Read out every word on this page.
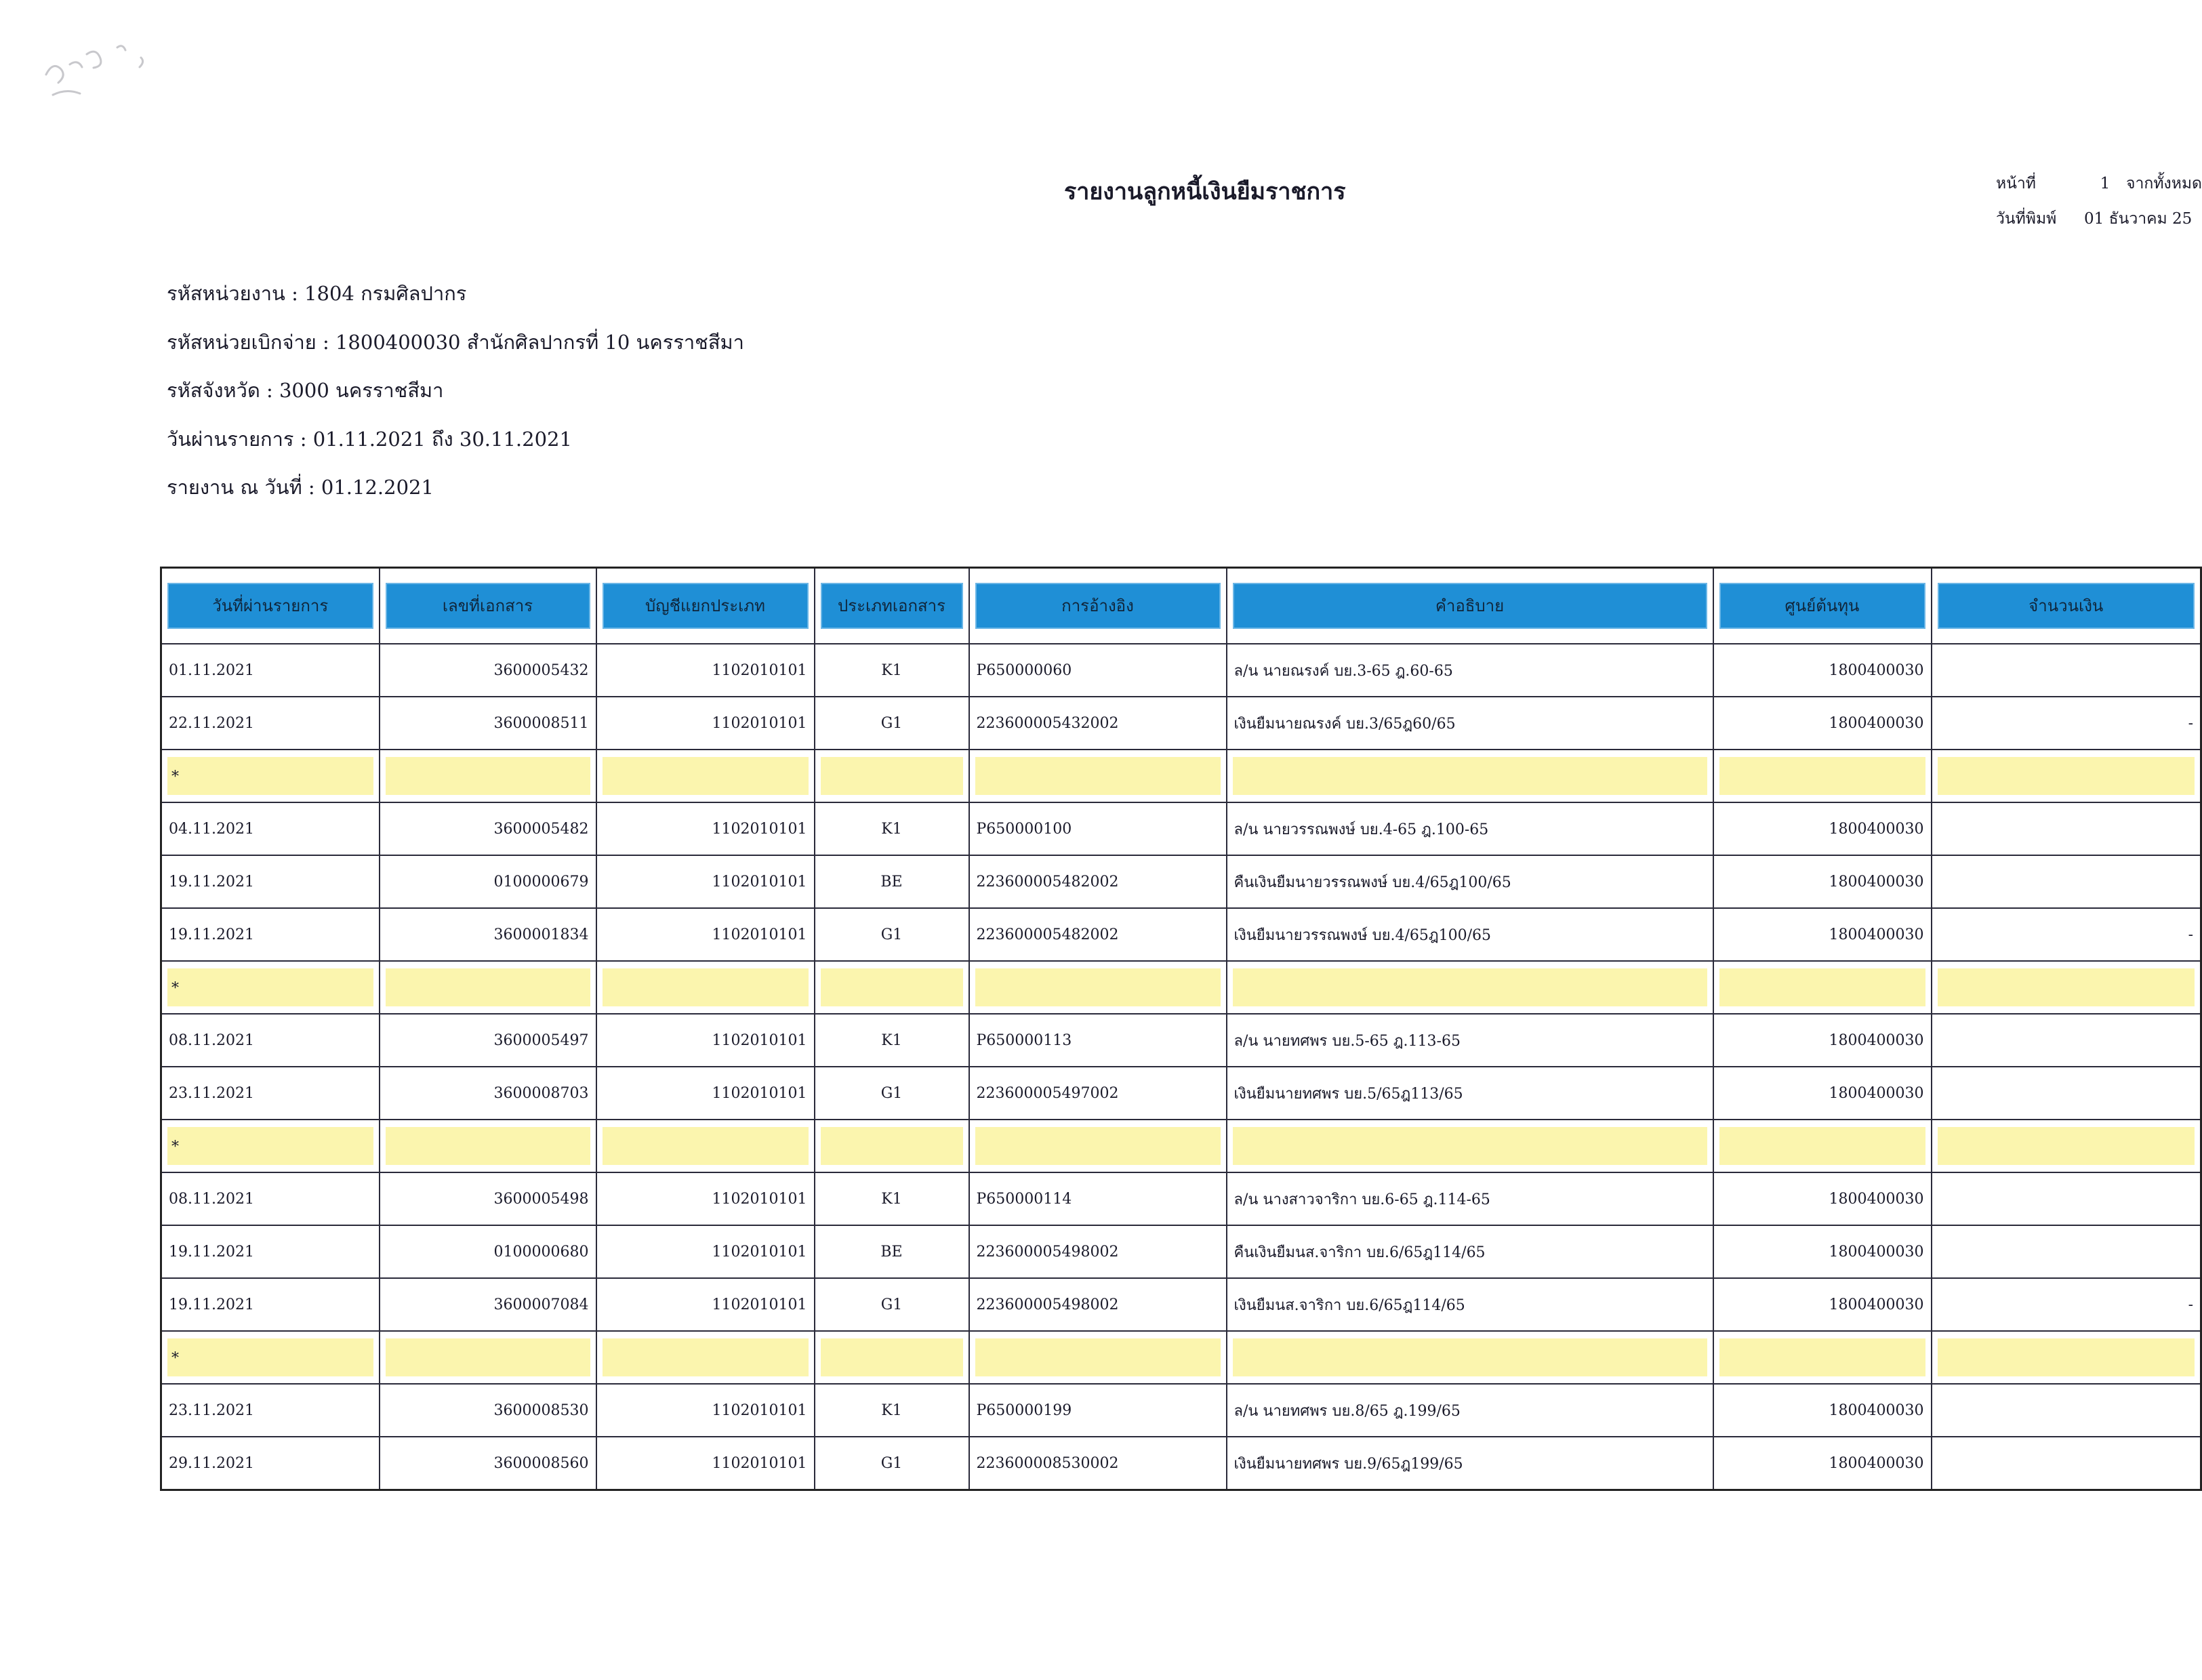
รายงานลูกหนี้เงินยืมราชการ	หน้าที่	1 จากทั้งหมด
วันที่พิมพ์ 01 ธันวาคม 25
รหัสหน่วยงาน : 1804 กรมศิลปากร
รหัสหน่วยเบิกจ่าย : 1800400030 สำนักศิลปากรที่ 10 นครราชสีมา
รหัสจังหวัด : 3000 นครราชสีมา
วันผ่านรายการ : 01.11.2021 ถึง 30.11.2021
รายงาน ณ วันที่ : 01.12.2021
วันที่ผ่านรายการ	เลขที่เอกสาร	บัญชีแยกประเภท	ประเภทเอกสาร	การอ้างอิง	คำอธิบาย	ศูนย์ต้นทุน	จำนวนเงิน

01.11.2021	3600005432	1102010101	K1	P650000060	ล/น นายณรงค์ บย.3-65 ฎ.60-65	1800400030	
22.11.2021	3600008511	1102010101	G1	223600005432002	เงินยืมนายณรงค์ บย.3/65ฎ60/65	1800400030	-

*							

04.11.2021	3600005482	1102010101	K1	P650000100	ล/น นายวรรณพงษ์ บย.4-65 ฎ.100-65	1800400030	
19.11.2021	0100000679	1102010101	BE	223600005482002	คืนเงินยืมนายวรรณพงษ์ บย.4/65ฎ100/65	1800400030	
19.11.2021	3600001834	1102010101	G1	223600005482002	เงินยืมนายวรรณพงษ์ บย.4/65ฎ100/65	1800400030	-

*							

08.11.2021	3600005497	1102010101	K1	P650000113	ล/น นายทศพร บย.5-65 ฎ.113-65	1800400030	
23.11.2021	3600008703	1102010101	G1	223600005497002	เงินยืมนายทศพร บย.5/65ฎ113/65	1800400030	

*							

08.11.2021	3600005498	1102010101	K1	P650000114	ล/น นางสาวจาริกา บย.6-65 ฎ.114-65	1800400030	
19.11.2021	0100000680	1102010101	BE	223600005498002	คืนเงินยืมนส.จาริกา บย.6/65ฎ114/65	1800400030	
19.11.2021	3600007084	1102010101	G1	223600005498002	เงินยืมนส.จาริกา บย.6/65ฎ114/65	1800400030	-

*							

23.11.2021	3600008530	1102010101	K1	P650000199	ล/น นายทศพร บย.8/65 ฎ.199/65	1800400030	
29.11.2021	3600008560	1102010101	G1	223600008530002	เงินยืมนายทศพร บย.9/65ฎ199/65	1800400030	
